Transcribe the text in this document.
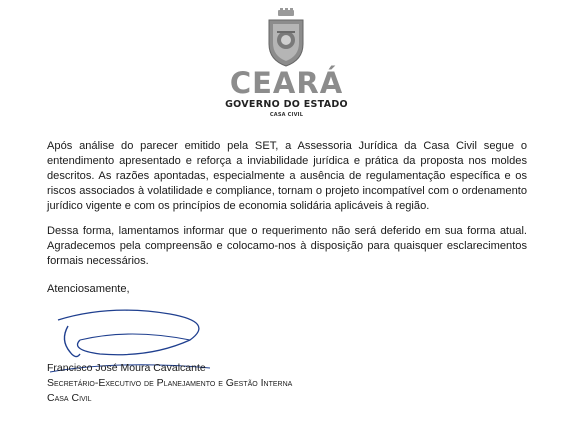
CEARÁ
GOVERNO DO ESTADO
CASA CIVIL

Após análise do parecer emitido pela SET, a Assessoria Jurídica da Casa Civil segue o entendimento apresentado e reforça a inviabilidade jurídica e prática da proposta nos moldes descritos. As razões apontadas, especialmente a ausência de regulamentação específica e os riscos associados à volatilidade e compliance, tornam o projeto incompatível com o ordenamento jurídico vigente e com os princípios de economia solidária aplicáveis à região.

Dessa forma, lamentamos informar que o requerimento não será deferido em sua forma atual. Agradecemos pela compreensão e colocamo-nos à disposição para quaisquer esclarecimentos formais necessários.

Atenciosamente,
Francisco José Moura Cavalcante
Secretário-Executivo de Planejamento e Gestão Interna
Casa Civil
